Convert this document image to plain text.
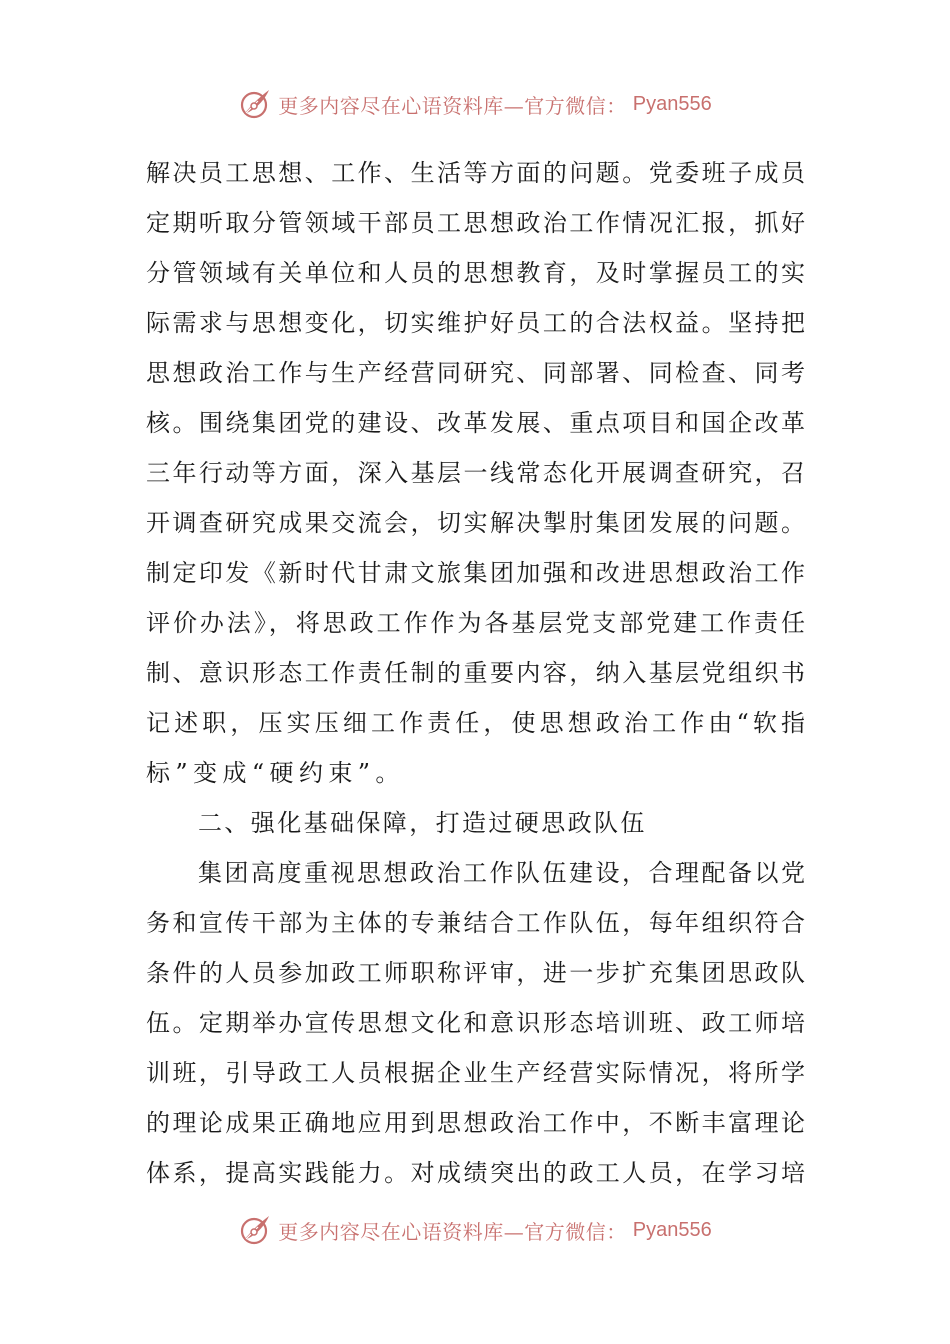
更多内容尽在心语资料库—官方微信： Pyan556
解决员工思想、工作、生活等方面的问题。党委班子成员
定期听取分管领域干部员工思想政治工作情况汇报，抓好
分管领域有关单位和人员的思想教育，及时掌握员工的实
际需求与思想变化，切实维护好员工的合法权益。坚持把
思想政治工作与生产经营同研究、同部署、同检查、同考
核。围绕集团党的建设、改革发展、重点项目和国企改革
三年行动等方面，深入基层一线常态化开展调查研究，召
开调查研究成果交流会，切实解决掣肘集团发展的问题。
制定印发《新时代甘肃文旅集团加强和改进思想政治工作
评价办法》，将思政工作作为各基层党支部党建工作责任
制、意识形态工作责任制的重要内容，纳入基层党组织书
记述职，压实压细工作责任，使思想政治工作由“软指
标”变成“硬约束”。
二、强化基础保障，打造过硬思政队伍
集团高度重视思想政治工作队伍建设，合理配备以党
务和宣传干部为主体的专兼结合工作队伍，每年组织符合
条件的人员参加政工师职称评审，进一步扩充集团思政队
伍。定期举办宣传思想文化和意识形态培训班、政工师培
训班，引导政工人员根据企业生产经营实际情况，将所学
的理论成果正确地应用到思想政治工作中，不断丰富理论
体系，提高实践能力。对成绩突出的政工人员，在学习培
更多内容尽在心语资料库—官方微信： Pyan556
